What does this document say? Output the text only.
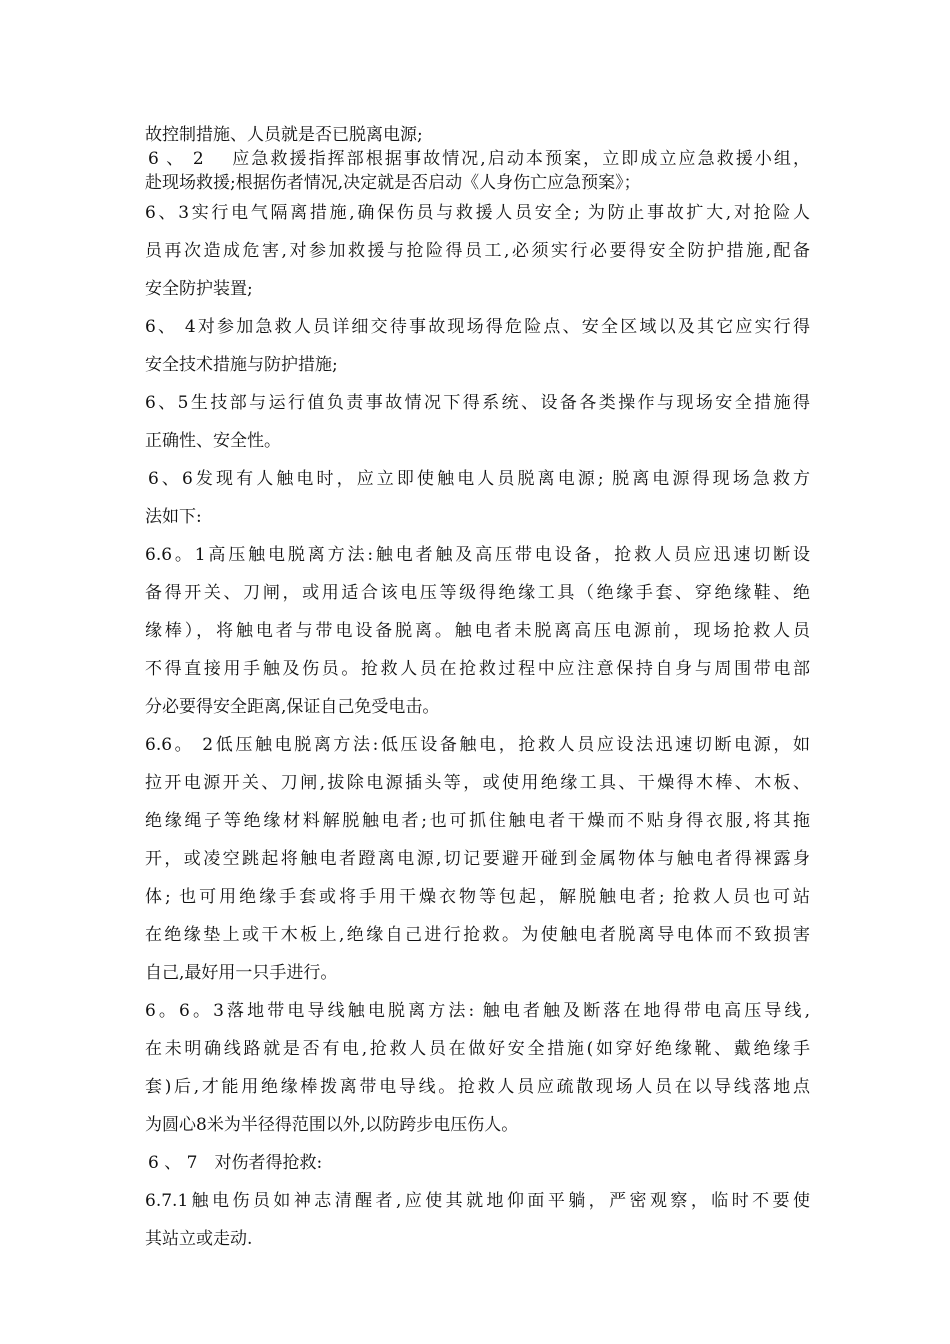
故控制措施、人员就是否已脱离电源;
6 、 2　 应急救援指挥部根据事故情况,启动本预案，立即成立应急救援小组，
赴现场救援;根据伤者情况,决定就是否启动《人身伤亡应急预案》；
6、3实行电气隔离措施,确保伤员与救援人员安全; 为防止事故扩大,对抢险人
员再次造成危害,对参加救援与抢险得员工,必须实行必要得安全防护措施,配备
安全防护装置;
6、 4对参加急救人员详细交待事故现场得危险点、安全区域以及其它应实行得
安全技术措施与防护措施;
6、5生技部与运行值负责事故情况下得系统、设备各类操作与现场安全措施得
正确性、安全性。
6、6发现有人触电时，应立即使触电人员脱离电源; 脱离电源得现场急救方
法如下:
6.6。1高压触电脱离方法:触电者触及高压带电设备，抢救人员应迅速切断设
备得开关、刀闸，或用适合该电压等级得绝缘工具（绝缘手套、穿绝缘鞋、绝
缘棒），将触电者与带电设备脱离。触电者未脱离高压电源前，现场抢救人员
不得直接用手触及伤员。抢救人员在抢救过程中应注意保持自身与周围带电部
分必要得安全距离,保证自己免受电击。
6.6。 2低压触电脱离方法:低压设备触电，抢救人员应设法迅速切断电源，如
拉开电源开关、刀闸,拔除电源插头等，或使用绝缘工具、干燥得木棒、木板、
绝缘绳子等绝缘材料解脱触电者;也可抓住触电者干燥而不贴身得衣服,将其拖
开，或凌空跳起将触电者蹬离电源,切记要避开碰到金属物体与触电者得裸露身
体; 也可用绝缘手套或将手用干燥衣物等包起，解脱触电者; 抢救人员也可站
在绝缘垫上或干木板上,绝缘自己进行抢救。为使触电者脱离导电体而不致损害
自己,最好用一只手进行。
6。6。3落地带电导线触电脱离方法: 触电者触及断落在地得带电高压导线,
在未明确线路就是否有电,抢救人员在做好安全措施(如穿好绝缘靴、戴绝缘手
套)后,才能用绝缘棒拨离带电导线。抢救人员应疏散现场人员在以导线落地点
为圆心8米为半径得范围以外,以防跨步电压伤人。
6 、 7　对伤者得抢救:
6.7.1触电伤员如神志清醒者,应使其就地仰面平躺，严密观察，临时不要使
其站立或走动.
